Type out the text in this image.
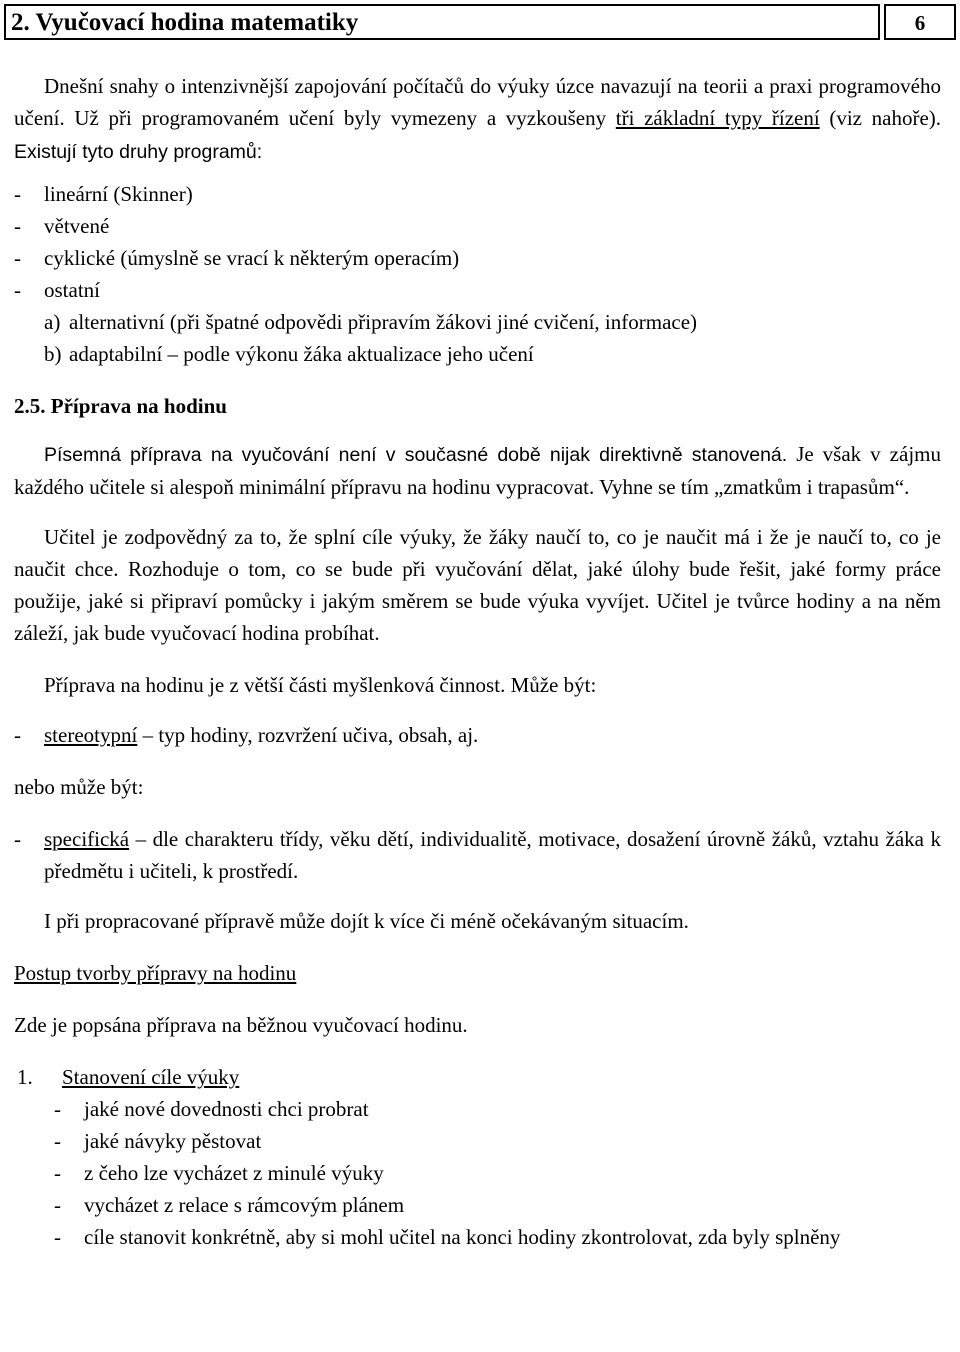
2. Vyučovací hodina matematiky	6

Dnešní snahy o intenzivnější zapojování počítačů do výuky úzce navazují na teorii a praxi programového učení. Už při programovaném učení byly vymezeny a vyzkoušeny tři základní typy řízení (viz nahoře). Existují tyto druhy programů:

-	lineární (Skinner)
-	větvené
-	cyklické (úmyslně se vrací k některým operacím)
-	ostatní
a) alternativní (při špatné odpovědi připravím žákovi jiné cvičení, informace)
b) adaptabilní – podle výkonu žáka aktualizace jeho učení

2.5. Příprava na hodinu

Písemná příprava na vyučování není v současné době nijak direktivně stanovená. Je však v zájmu každého učitele si alespoň minimální přípravu na hodinu vypracovat. Vyhne se tím „zmatkům i trapasům“.

Učitel je zodpovědný za to, že splní cíle výuky, že žáky naučí to, co je naučit má i že je naučí to, co je naučit chce. Rozhoduje o tom, co se bude při vyučování dělat, jaké úlohy bude řešit, jaké formy práce použije, jaké si připraví pomůcky i jakým směrem se bude výuka vyvíjet. Učitel je tvůrce hodiny a na něm záleží, jak bude vyučovací hodina probíhat.

Příprava na hodinu je z větší části myšlenková činnost. Může být:

-	stereotypní – typ hodiny, rozvržení učiva, obsah, aj.

nebo může být:

-	specifická – dle charakteru třídy, věku dětí, individualitě, motivace, dosažení úrovně žáků, vztahu žáka k předmětu i učiteli, k prostředí.

I při propracované přípravě může dojít k více či méně očekávaným situacím.

Postup tvorby přípravy na hodinu

Zde je popsána příprava na běžnou vyučovací hodinu.

1.	Stanovení cíle výuky
-	jaké nové dovednosti chci probrat
-	jaké návyky pěstovat
-	z čeho lze vycházet z minulé výuky
-	vycházet z relace s rámcovým plánem
-	cíle stanovit konkrétně, aby si mohl učitel na konci hodiny zkontrolovat, zda byly splněny
